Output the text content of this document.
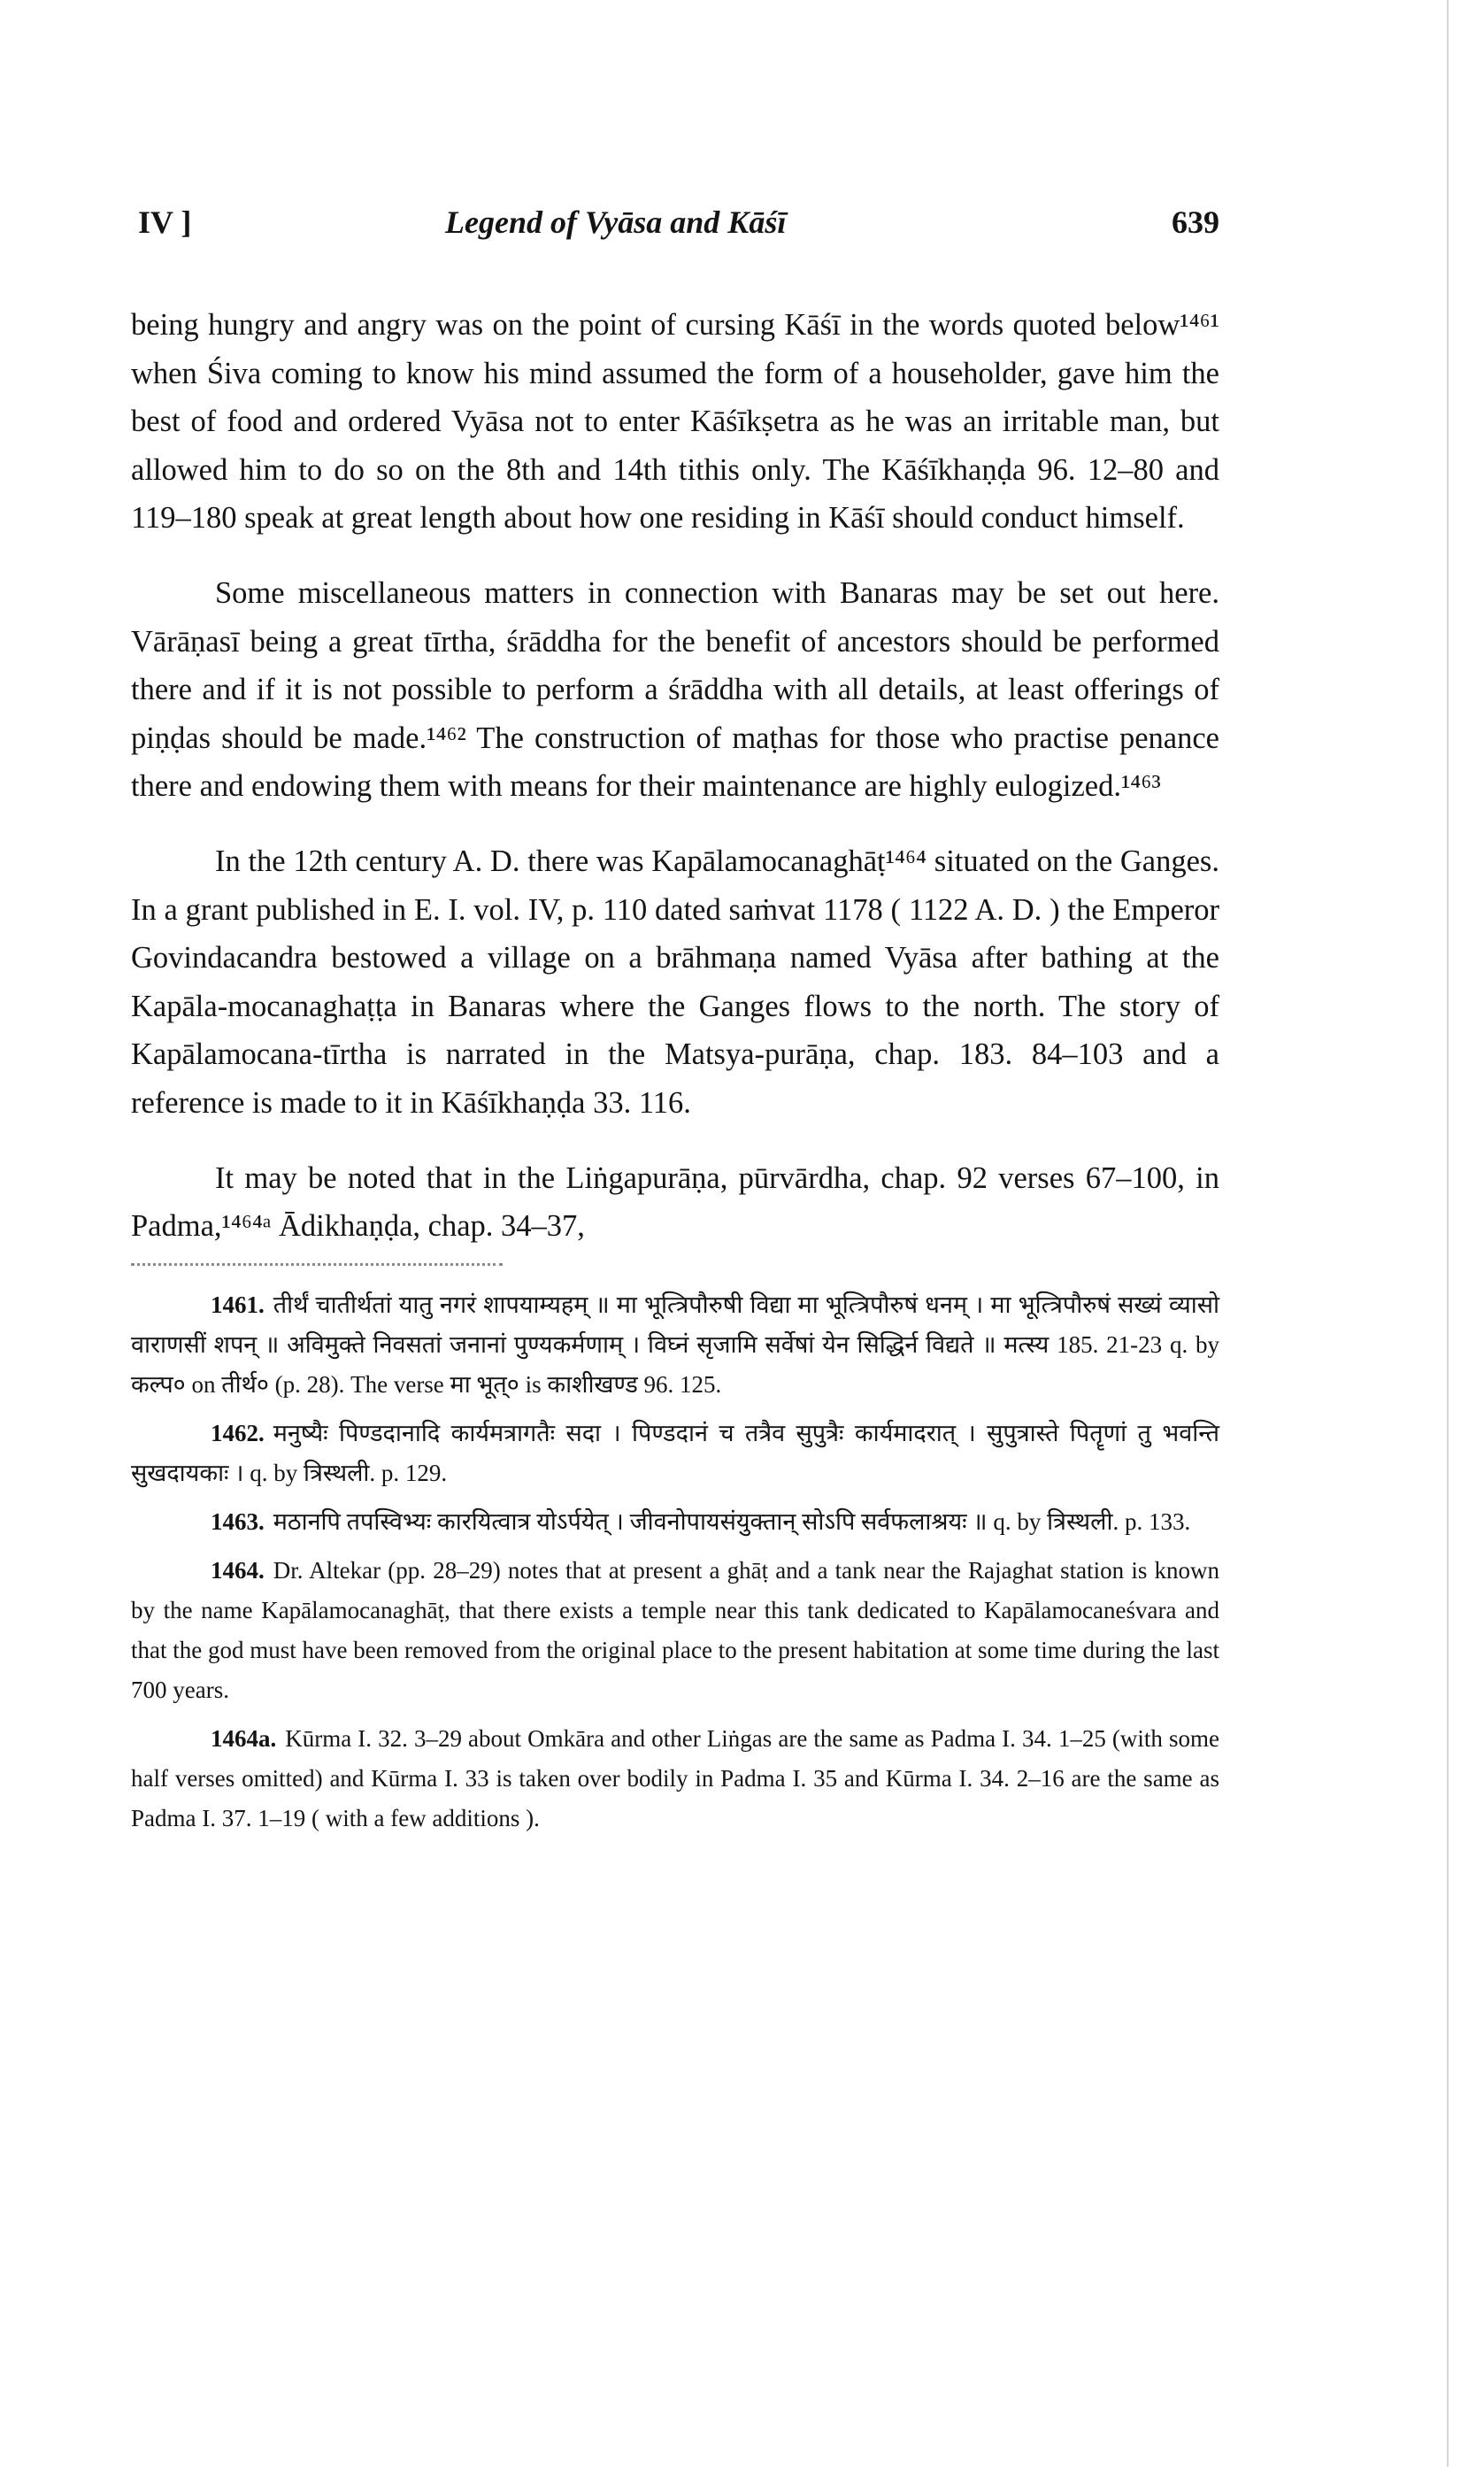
IV ]	Legend of Vyāsa and Kāśī	639

being hungry and angry was on the point of cursing Kāśī in the words quoted below¹⁴⁶¹ when Śiva coming to know his mind assumed the form of a householder, gave him the best of food and ordered Vyāsa not to enter Kāśīkṣetra as he was an irritable man, but allowed him to do so on the 8th and 14th tithis only. The Kāśīkhaṇḍa 96. 12–80 and 119–180 speak at great length about how one residing in Kāśī should conduct himself.

Some miscellaneous matters in connection with Banaras may be set out here. Vārāṇasī being a great tīrtha, śrāddha for the benefit of ancestors should be performed there and if it is not possible to perform a śrāddha with all details, at least offerings of piṇḍas should be made.¹⁴⁶² The construction of maṭhas for those who practise penance there and endowing them with means for their maintenance are highly eulogized.¹⁴⁶³

In the 12th century A. D. there was Kapālamocanaghāṭ¹⁴⁶⁴ situated on the Ganges. In a grant published in E. I. vol. IV, p. 110 dated saṁvat 1178 ( 1122 A. D. ) the Emperor Govindacandra bestowed a village on a brāhmaṇa named Vyāsa after bathing at the Kapāla-mocanaghaṭṭa in Banaras where the Ganges flows to the north. The story of Kapālamocana-tīrtha is narrated in the Matsya-purāṇa, chap. 183. 84–103 and a reference is made to it in Kāśīkhaṇḍa 33. 116.

It may be noted that in the Liṅgapurāṇa, pūrvārdha, chap. 92 verses 67–100, in Padma,¹⁴⁶⁴ᵃ Ādikhaṇḍa, chap. 34–37,

1461. तीर्थं चातीर्थतां यातु नगरं शापयाम्यहम् ॥ मा भूत्त्रिपौरुषी विद्या मा भूत्त्रिपौरुषं धनम् । मा भूत्त्रिपौरुषं सख्यं व्यासो वाराणसीं शपन् ॥ अविमुक्ते निवसतां जनानां पुण्यकर्मणाम् । विघ्नं सृजामि सर्वेषां येन सिद्धिर्न विद्यते ॥ मत्स्य 185. 21-23 q. by कल्प० on तीर्थ० (p. 28). The verse मा भूत्० is काशीखण्ड 96. 125.

1462. मनुष्यैः पिण्डदानादि कार्यमत्रागतैः सदा । पिण्डदानं च तत्रैव सुपुत्रैः कार्यमादरात् । सुपुत्रास्ते पितॄणां तु भवन्ति सुखदायकाः । q. by त्रिस्थली. p. 129.

1463. मठानपि तपस्विभ्यः कारयित्वात्र योऽर्पयेत् । जीवनोपायसंयुक्तान् सोऽपि सर्वफलाश्रयः ॥ q. by त्रिस्थली. p. 133.

1464. Dr. Altekar (pp. 28–29) notes that at present a ghāṭ and a tank near the Rajaghat station is known by the name Kapālamocanaghāṭ, that there exists a temple near this tank dedicated to Kapālamocaneśvara and that the god must have been removed from the original place to the present habitation at some time during the last 700 years.

1464a. Kūrma I. 32. 3–29 about Omkāra and other Liṅgas are the same as Padma I. 34. 1–25 (with some half verses omitted) and Kūrma I. 33 is taken over bodily in Padma I. 35 and Kūrma I. 34. 2–16 are the same as Padma I. 37. 1–19 ( with a few additions ).
